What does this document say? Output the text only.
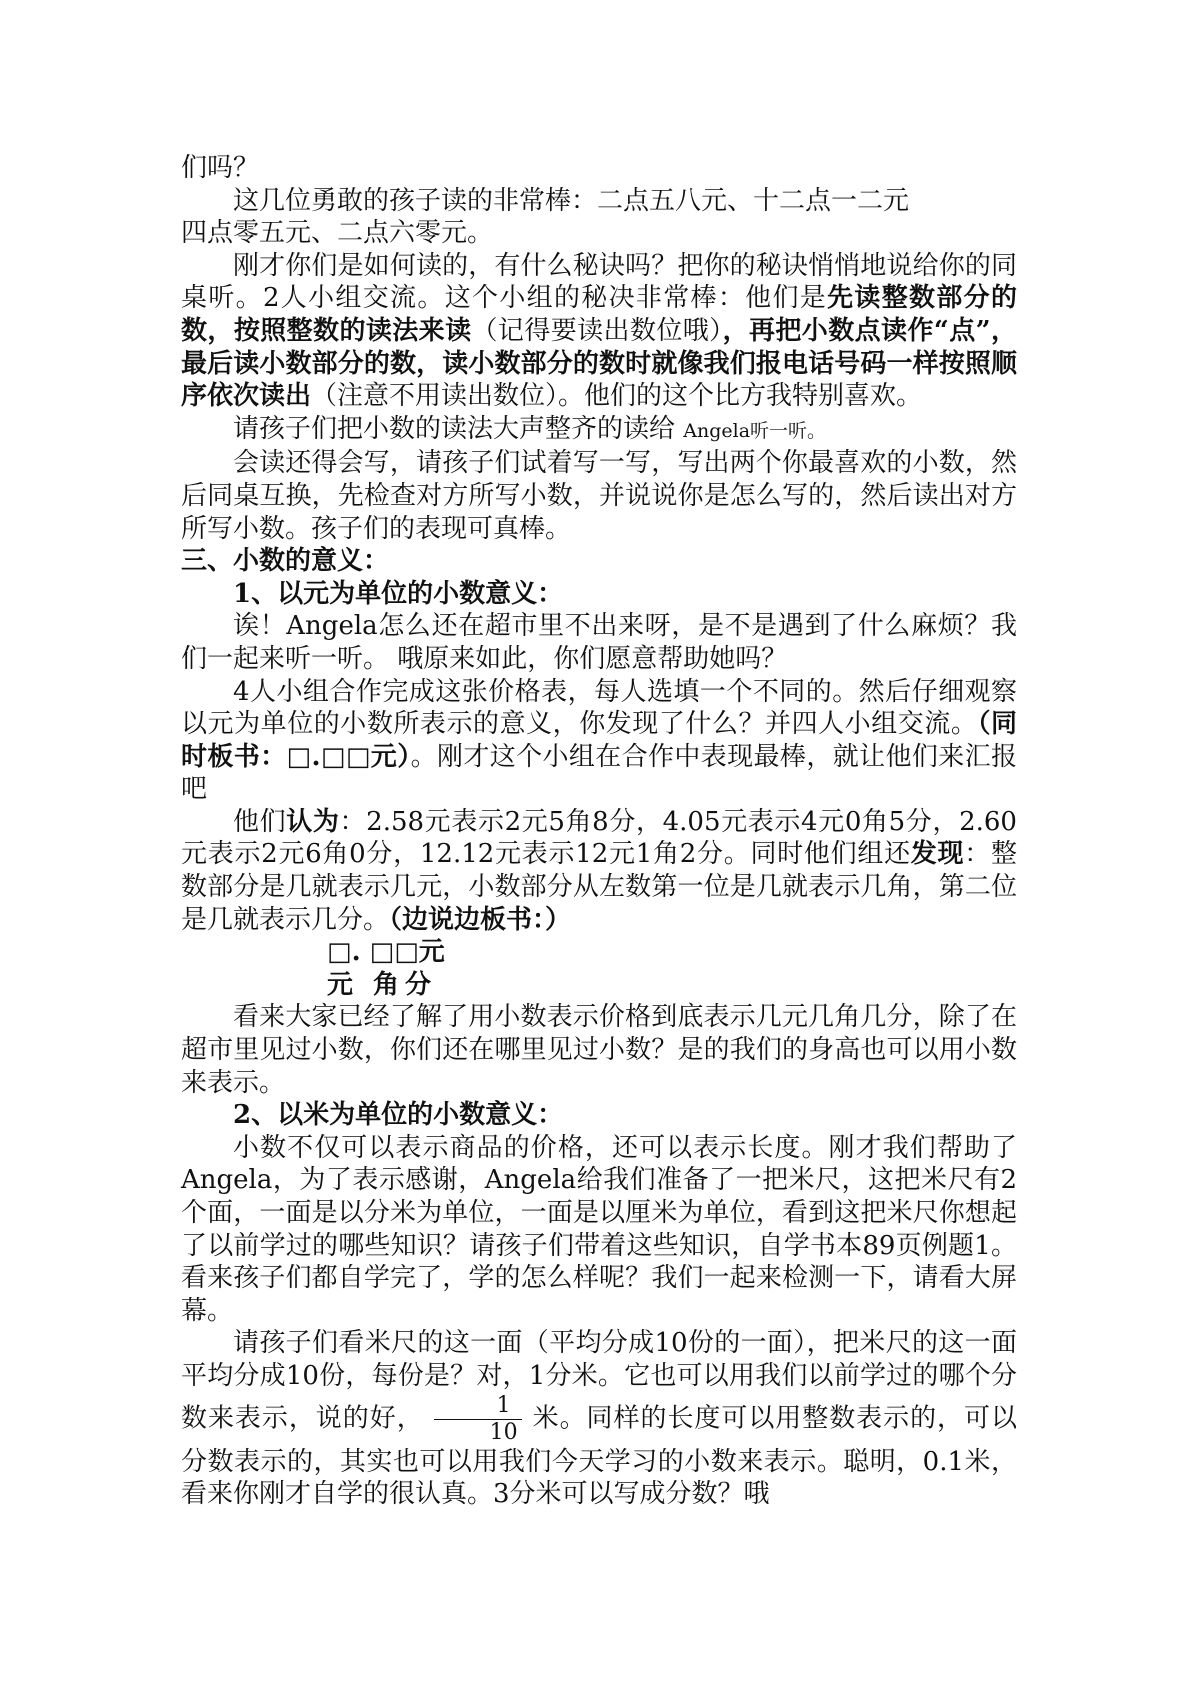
们吗？

这几位勇敢的孩子读的非常棒：二点五八元、十二点一二元

四点零五元、二点六零元。

刚才你们是如何读的，有什么秘诀吗？把你的秘诀悄悄地说给你的同桌听。2人小组交流。这个小组的秘决非常棒：他们是先读整数部分的数，按照整数的读法来读（记得要读出数位哦），再把小数点读作“点”，最后读小数部分的数，读小数部分的数时就像我们报电话号码一样按照顺序依次读出（注意不用读出数位）。他们的这个比方我特别喜欢。

请孩子们把小数的读法大声整齐的读给 Angela听一听。

会读还得会写，请孩子们试着写一写，写出两个你最喜欢的小数，然后同桌互换，先检查对方所写小数，并说说你是怎么写的，然后读出对方所写小数。孩子们的表现可真棒。

三、小数的意义：

1、以元为单位的小数意义：

诶！Angela怎么还在超市里不出来呀，是不是遇到了什么麻烦？我们一起来听一听。 哦原来如此，你们愿意帮助她吗？

4人小组合作完成这张价格表，每人选填一个不同的。然后仔细观察以元为单位的小数所表示的意义，你发现了什么？并四人小组交流。（同时板书：□.□□元）。刚才这个小组在合作中表现最棒，就让他们来汇报吧

他们认为：2.58元表示2元5角8分，4.05元表示4元0角5分，2.60元表示2元6角0分，12.12元表示12元1角2分。同时他们组还发现：整数部分是几就表示几元，小数部分从左数第一位是几就表示几角，第二位是几就表示几分。（边说边板书：）

□. □□元

元 角分

看来大家已经了解了用小数表示价格到底表示几元几角几分，除了在超市里见过小数，你们还在哪里见过小数？是的我们的身高也可以用小数来表示。

2、以米为单位的小数意义：

小数不仅可以表示商品的价格，还可以表示长度。刚才我们帮助了Angela，为了表示感谢，Angela给我们准备了一把米尺，这把米尺有2个面，一面是以分米为单位，一面是以厘米为单位，看到这把米尺你想起了以前学过的哪些知识？请孩子们带着这些知识，自学书本89页例题1。看来孩子们都自学完了，学的怎么样呢？我们一起来检测一下，请看大屏幕。

请孩子们看米尺的这一面（平均分成10份的一面），把米尺的这一面平均分成10份，每份是？对，1分米。它也可以用我们以前学过的哪个分数来表示，说的好， $\frac{1}{10}$ 米。同样的长度可以用整数表示的，可以分数表示的，其实也可以用我们今天学习的小数来表示。聪明，0.1米，看来你刚才自学的很认真。3分米可以写成分数？哦
